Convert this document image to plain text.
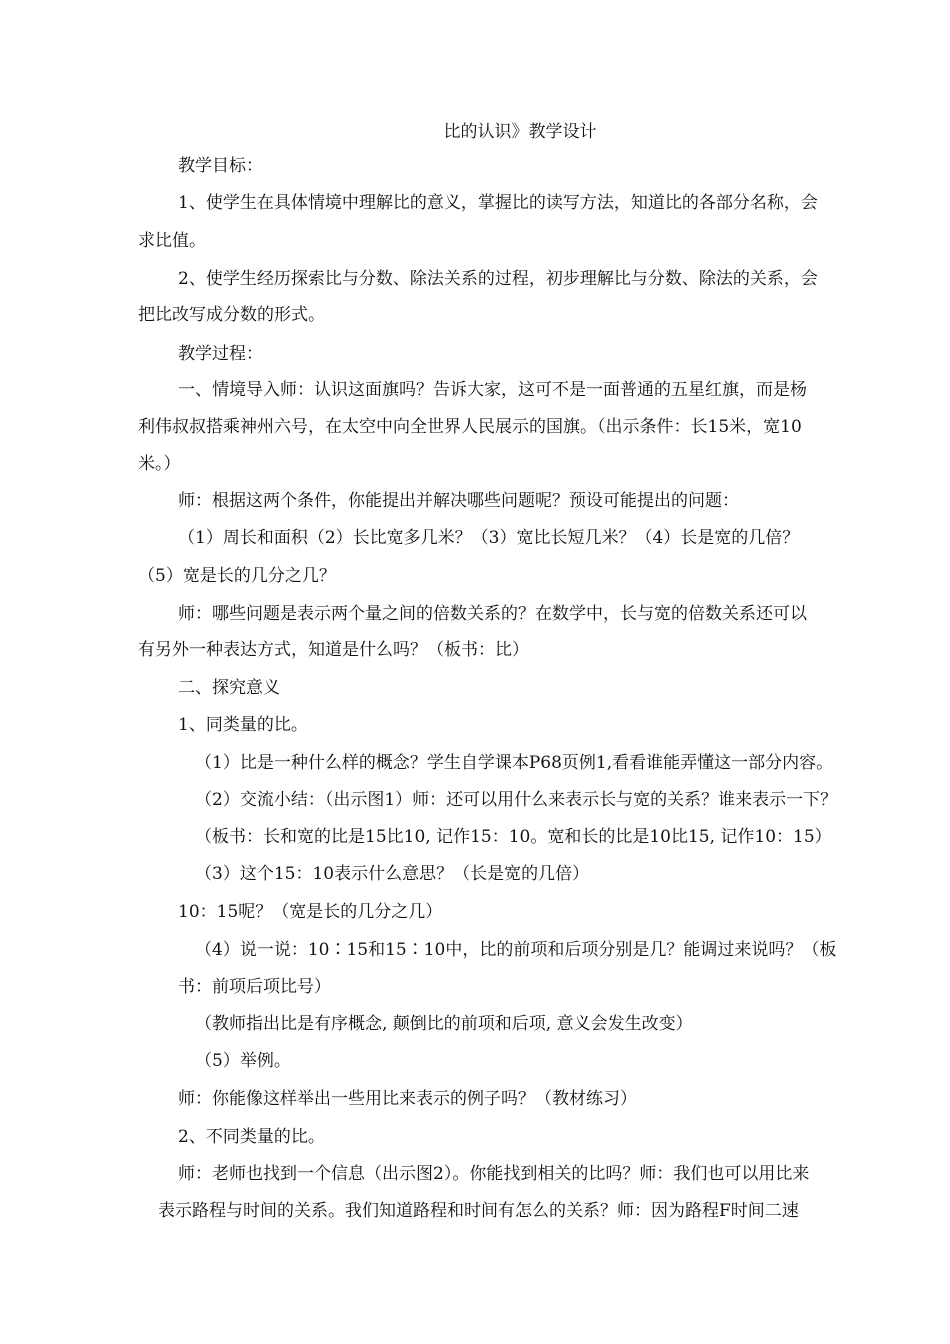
比的认识》教学设计
教学目标：
1、使学生在具体情境中理解比的意义，掌握比的读写方法，知道比的各部分名称，会
求比值。
2、使学生经历探索比与分数、除法关系的过程，初步理解比与分数、除法的关系，会
把比改写成分数的形式。
教学过程：
一、情境导入师：认识这面旗吗？告诉大家，这可不是一面普通的五星红旗，而是杨
利伟叔叔搭乘神州六号，在太空中向全世界人民展示的国旗。（出示条件：长15米，宽10
米。）
师：根据这两个条件，你能提出并解决哪些问题呢？预设可能提出的问题：
（1）周长和面积（2）长比宽多几米？（3）宽比长短几米？（4）长是宽的几倍？
（5）宽是长的几分之几？
师：哪些问题是表示两个量之间的倍数关系的？在数学中，长与宽的倍数关系还可以
有另外一种表达方式，知道是什么吗？（板书：比）
二、探究意义
1、同类量的比。
（1）比是一种什么样的概念？学生自学课本P68页例1,看看谁能弄懂这一部分内容。
（2）交流小结：（出示图1）师：还可以用什么来表示长与宽的关系？谁来表示一下？
（板书：长和宽的比是15比10, 记作15：10。宽和长的比是10比15, 记作10：15）
（3）这个15：10表示什么意思？（长是宽的几倍）
10：15呢？（宽是长的几分之几）
（4）说一说：10∶15和15∶10中，比的前项和后项分别是几？能调过来说吗？（板
书：前项后项比号）
（教师指出比是有序概念, 颠倒比的前项和后项, 意义会发生改变）
（5）举例。
师：你能像这样举出一些用比来表示的例子吗？（教材练习）
2、不同类量的比。
师：老师也找到一个信息（出示图2）。你能找到相关的比吗？师：我们也可以用比来
表示路程与时间的关系。我们知道路程和时间有怎么的关系？师：因为路程F时间二速
